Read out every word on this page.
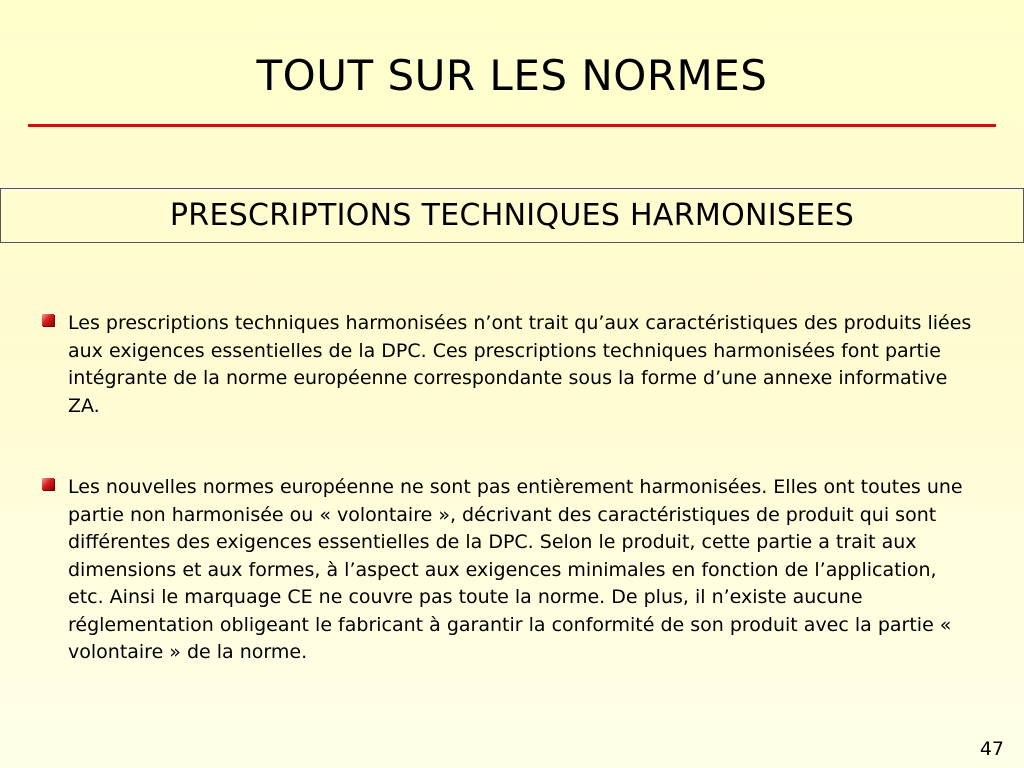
TOUT SUR LES NORMES
PRESCRIPTIONS TECHNIQUES HARMONISEES
Les prescriptions techniques harmonisées n’ont trait qu’aux caractéristiques des produits liées aux exigences essentielles de la DPC. Ces prescriptions techniques harmonisées font partie intégrante de la norme européenne correspondante sous la forme d’une annexe informative ZA.
Les nouvelles normes européenne ne sont pas entièrement harmonisées. Elles ont toutes une partie non harmonisée ou « volontaire », décrivant des caractéristiques de produit qui sont différentes des exigences essentielles de la DPC. Selon le produit, cette partie a trait aux dimensions et aux formes, à l’aspect aux exigences minimales en fonction de l’application, etc. Ainsi le marquage CE ne couvre pas toute la norme. De plus, il n’existe aucune réglementation obligeant le fabricant à garantir la conformité de son produit avec la partie « volontaire » de la norme.
47
